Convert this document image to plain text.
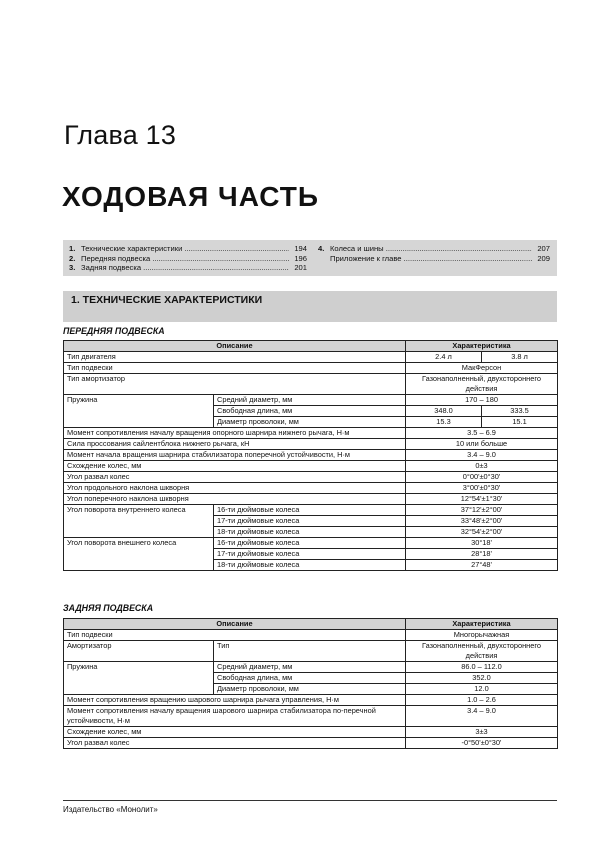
Глава 13
ХОДОВАЯ ЧАСТЬ
1. Технические характеристики .....	194
2. Передняя подвеска .....	196
3. Задняя подвеска .....	201
4. Колеса и шины .....	207
Приложение к главе .....	209
1. ТЕХНИЧЕСКИЕ ХАРАКТЕРИСТИКИ
ПЕРЕДНЯЯ ПОДВЕСКА
Описание		Характеристика	
Тип двигателя		2.4 л	3.8 л
Тип подвески		МакФерсон	
Тип амортизатор		Газонаполненный, двухстороннего действия	
Пружина	Средний диаметр, мм	170 – 180	
	Свободная длина, мм	348.0	333.5
	Диаметр проволоки, мм	15.3	15.1
Момент сопротивления началу вращения опорного шарнира нижнего рычага, Н·м		3.5 – 6.9	
Сила проссования сайлентблока нижнего рычага, кН		10 или больше	
Момент начала вращения шарнира стабилизатора поперечной устойчивости, Н·м		3.4 – 9.0	
Схождение колес, мм		0±3	
Угол развал колес		0°00'±0°30'	
Угол продольного наклона шкворня		3°00'±0°30'	
Угол поперечного наклона шкворня		12°54'±1°30'	
Угол поворота внутреннего колеса	16-ти дюймовые колеса	37°12'±2°00'	
	17-ти дюймовые колеса	33°48'±2°00'	
	18-ти дюймовые колеса	32°54'±2°00'	
Угол поворота внешнего колеса	16-ти дюймовые колеса	30°18'	
	17-ти дюймовые колеса	28°18'	
	18-ти дюймовые колеса	27°48'	
ЗАДНЯЯ ПОДВЕСКА
Описание		Характеристика
Тип подвески		Многорычажная
Амортизатор	Тип	Газонаполненный, двухстороннего действия
Пружина	Средний диаметр, мм	86.0 – 112.0
	Свободная длина, мм	352.0
	Диаметр проволоки, мм	12.0
Момент сопротивления вращению шарового шарнира рычага управления, Н·м		1.0 – 2.6
Момент сопротивления началу вращения шарового шарнира стабилизатора по-перечной устойчивости, Н·м		3.4 – 9.0
Схождение колес, мм		3±3
Угол развал колес		-0°50'±0°30'
Издательство «Монолит»
